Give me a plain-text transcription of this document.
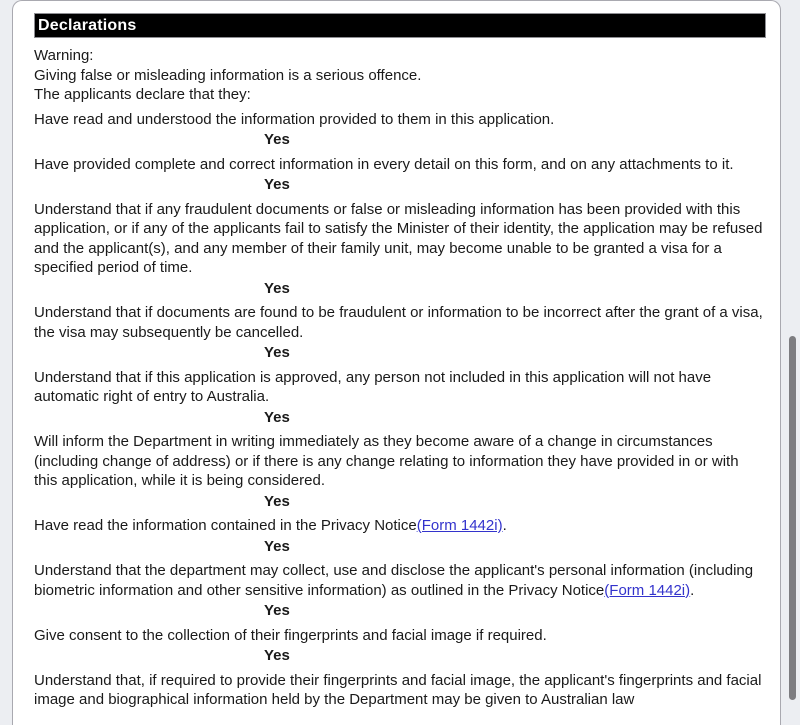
Declarations
Warning:
Giving false or misleading information is a serious offence.
The applicants declare that they:
Have read and understood the information provided to them in this application.
Yes
Have provided complete and correct information in every detail on this form, and on any attachments to it.
Yes
Understand that if any fraudulent documents or false or misleading information has been provided with this application, or if any of the applicants fail to satisfy the Minister of their identity, the application may be refused and the applicant(s), and any member of their family unit, may become unable to be granted a visa for a specified period of time.
Yes
Understand that if documents are found to be fraudulent or information to be incorrect after the grant of a visa, the visa may subsequently be cancelled.
Yes
Understand that if this application is approved, any person not included in this application will not have automatic right of entry to Australia.
Yes
Will inform the Department in writing immediately as they become aware of a change in circumstances (including change of address) or if there is any change relating to information they have provided in or with this application, while it is being considered.
Yes
Have read the information contained in the Privacy Notice(Form 1442i).
Yes
Understand that the department may collect, use and disclose the applicant's personal information (including biometric information and other sensitive information) as outlined in the Privacy Notice(Form 1442i).
Yes
Give consent to the collection of their fingerprints and facial image if required.
Yes
Understand that, if required to provide their fingerprints and facial image, the applicant's fingerprints and facial image and biographical information held by the Department may be given to Australian law
